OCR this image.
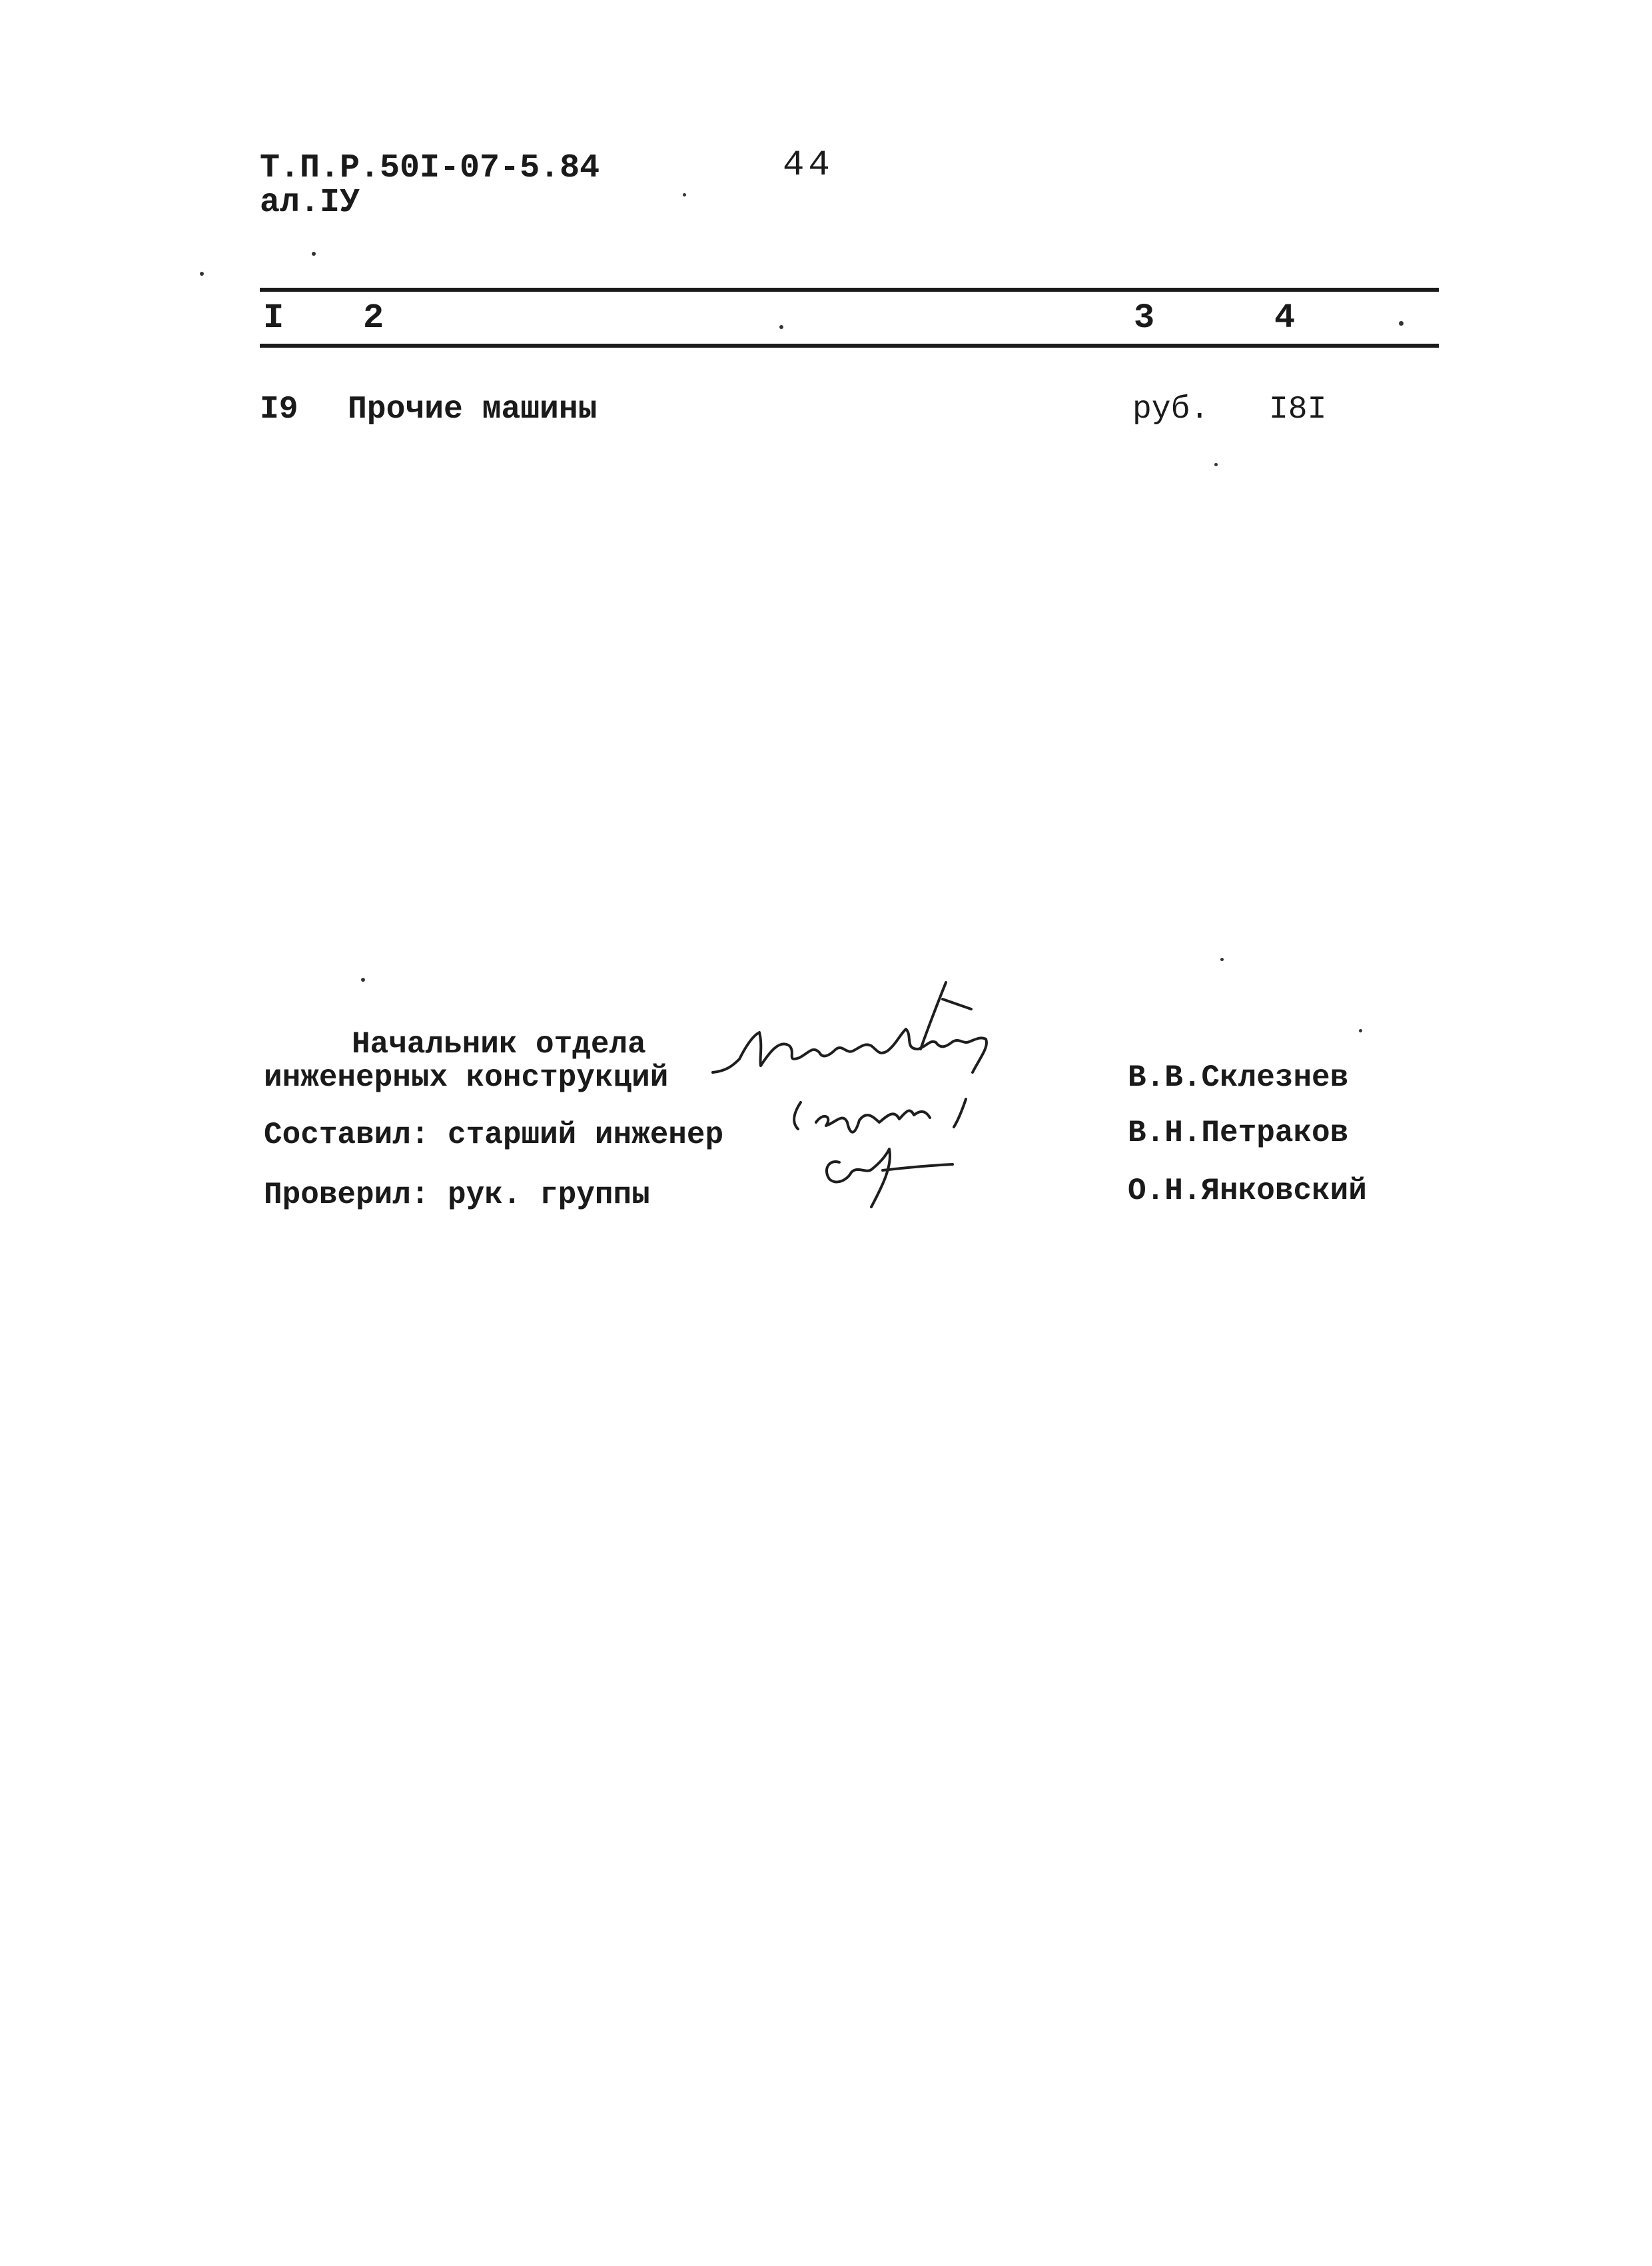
Т.П.Р.50I-07-5.84
ал.IУ
44
I 2	3	4
I9 Прочие машины	руб. I8I
Начальник отдела
инженерных конструкций	В.В.Склезнев
Составил: старший инженер	В.Н.Петраков
Проверил: рук. группы	О.Н.Янковский
